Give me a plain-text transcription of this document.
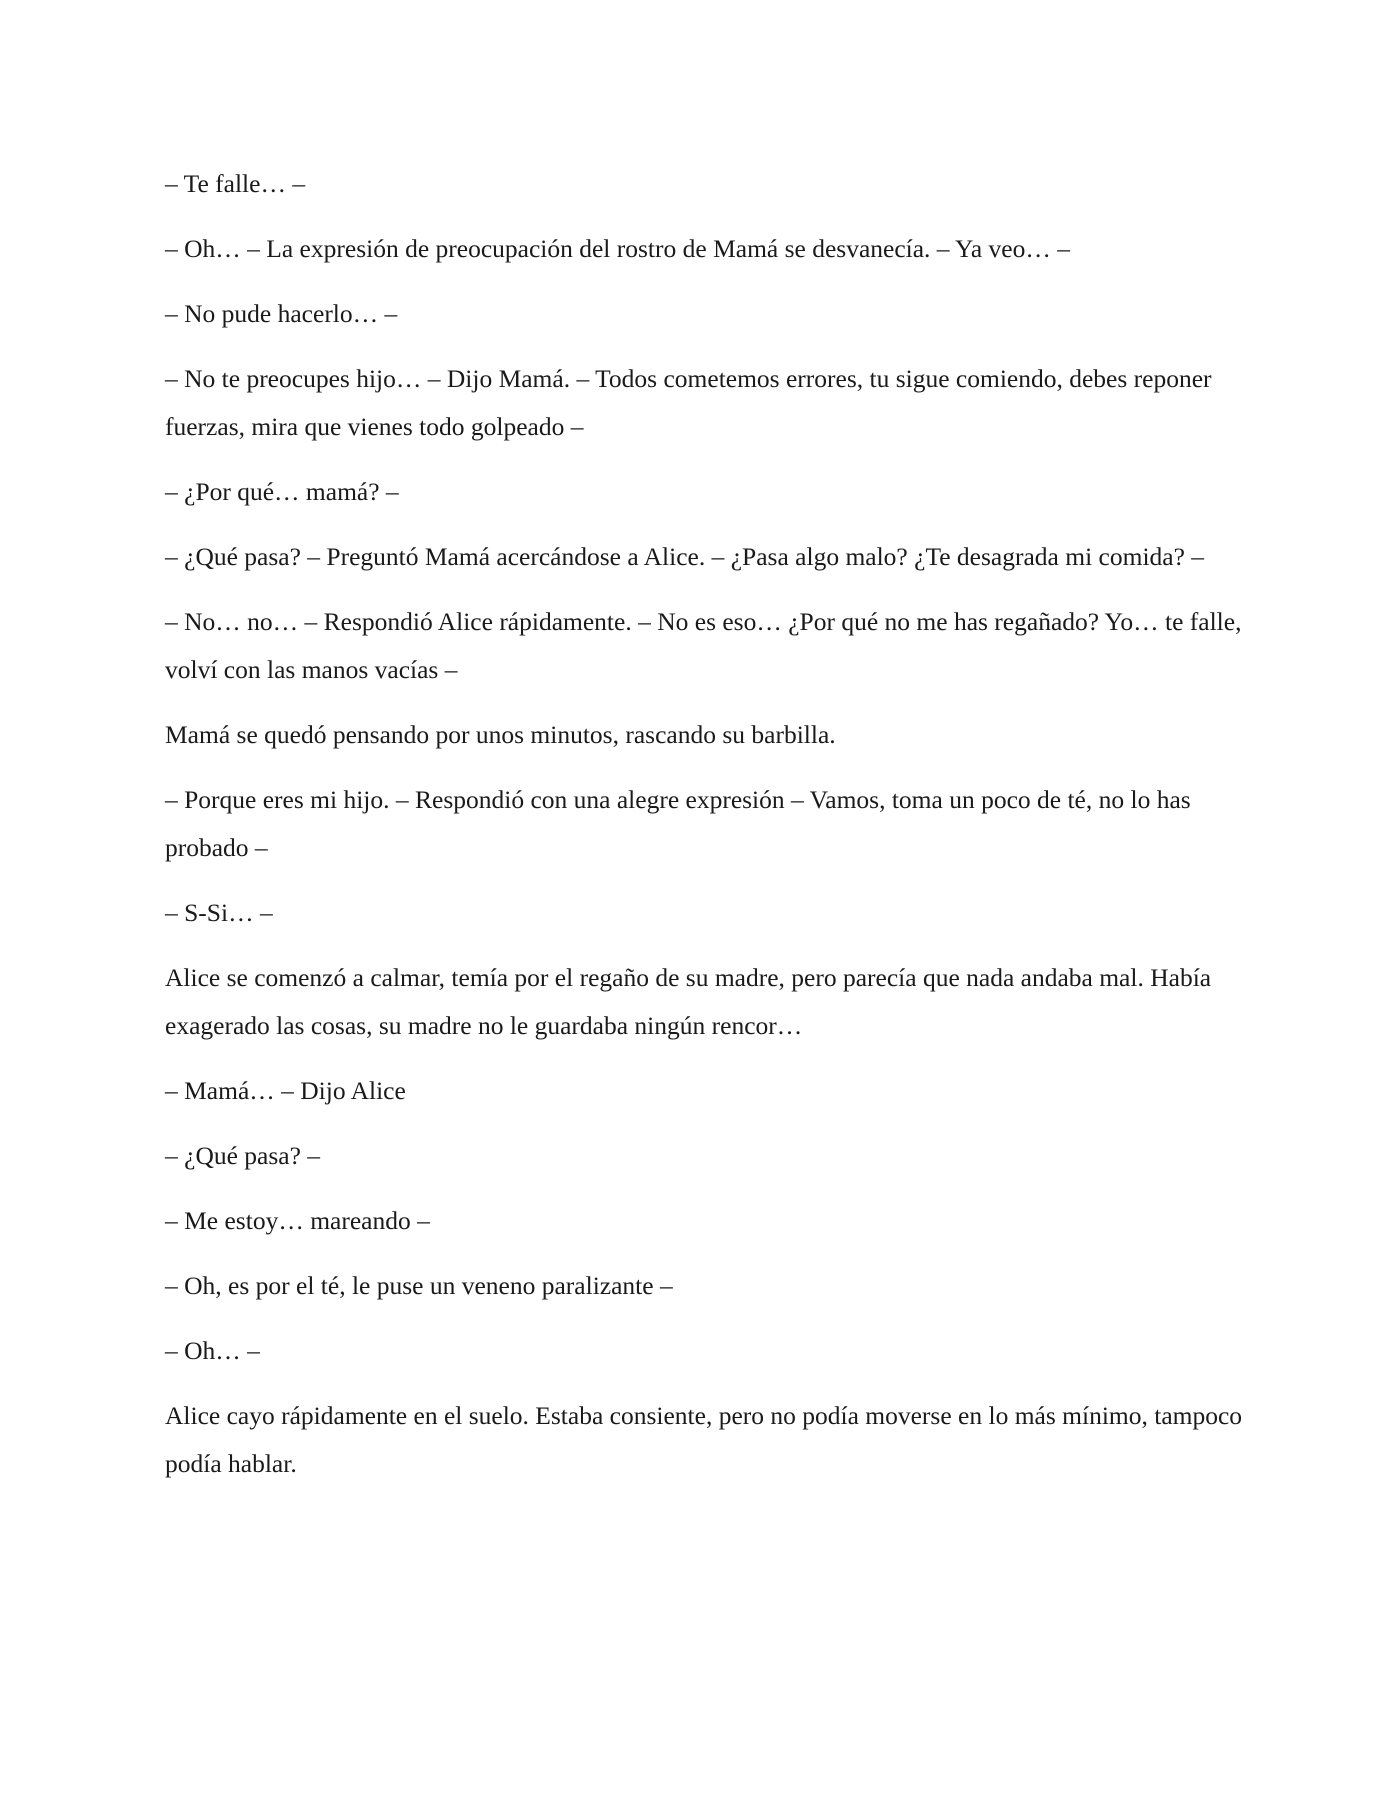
– Te falle… –

– Oh… – La expresión de preocupación del rostro de Mamá se desvanecía. – Ya veo… –

– No pude hacerlo… –

– No te preocupes hijo… – Dijo Mamá. – Todos cometemos errores, tu sigue comiendo, debes reponer fuerzas, mira que vienes todo golpeado –

– ¿Por qué… mamá? –

– ¿Qué pasa? – Preguntó Mamá acercándose a Alice. – ¿Pasa algo malo? ¿Te desagrada mi comida? –

– No… no… – Respondió Alice rápidamente. – No es eso… ¿Por qué no me has regañado? Yo… te falle, volví con las manos vacías –

Mamá se quedó pensando por unos minutos, rascando su barbilla.

– Porque eres mi hijo. – Respondió con una alegre expresión – Vamos, toma un poco de té, no lo has probado –

– S-Si… –

Alice se comenzó a calmar, temía por el regaño de su madre, pero parecía que nada andaba mal. Había exagerado las cosas, su madre no le guardaba ningún rencor…

– Mamá… – Dijo Alice

– ¿Qué pasa? –

– Me estoy… mareando –

– Oh, es por el té, le puse un veneno paralizante –

– Oh… –

Alice cayo rápidamente en el suelo. Estaba consiente, pero no podía moverse en lo más mínimo, tampoco podía hablar.
